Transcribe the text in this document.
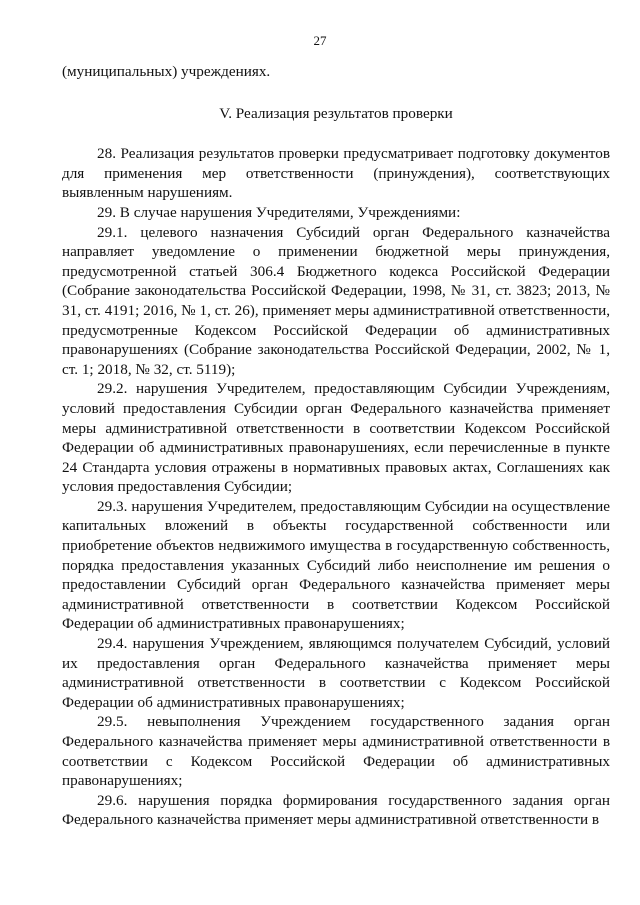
27

(муниципальных) учреждениях.

V. Реализация результатов проверки

28. Реализация результатов проверки предусматривает подготовку документов для применения мер ответственности (принуждения), соответствующих выявленным нарушениям.

29. В случае нарушения Учредителями, Учреждениями:

29.1. целевого назначения Субсидий орган Федерального казначейства направляет уведомление о применении бюджетной меры принуждения, предусмотренной статьей 306.4 Бюджетного кодекса Российской Федерации (Собрание законодательства Российской Федерации, 1998, № 31, ст. 3823; 2013, № 31, ст. 4191; 2016, № 1, ст. 26), применяет меры административной ответственности, предусмотренные Кодексом Российской Федерации об административных правонарушениях (Собрание законодательства Российской Федерации, 2002, № 1, ст. 1; 2018, № 32, ст. 5119);

29.2. нарушения Учредителем, предоставляющим Субсидии Учреждениям, условий предоставления Субсидии орган Федерального казначейства применяет меры административной ответственности в соответствии Кодексом Российской Федерации об административных правонарушениях, если перечисленные в пункте 24 Стандарта условия отражены в нормативных правовых актах, Соглашениях как условия предоставления Субсидии;

29.3. нарушения Учредителем, предоставляющим Субсидии на осуществление капитальных вложений в объекты государственной собственности или приобретение объектов недвижимого имущества в государственную собственность, порядка предоставления указанных Субсидий либо неисполнение им решения о предоставлении Субсидий орган Федерального казначейства применяет меры административной ответственности в соответствии Кодексом Российской Федерации об административных правонарушениях;

29.4. нарушения Учреждением, являющимся получателем Субсидий, условий их предоставления орган Федерального казначейства применяет меры административной ответственности в соответствии с Кодексом Российской Федерации об административных правонарушениях;

29.5. невыполнения Учреждением государственного задания орган Федерального казначейства применяет меры административной ответственности в соответствии с Кодексом Российской Федерации об административных правонарушениях;

29.6. нарушения порядка формирования государственного задания орган Федерального казначейства применяет меры административной ответственности в
